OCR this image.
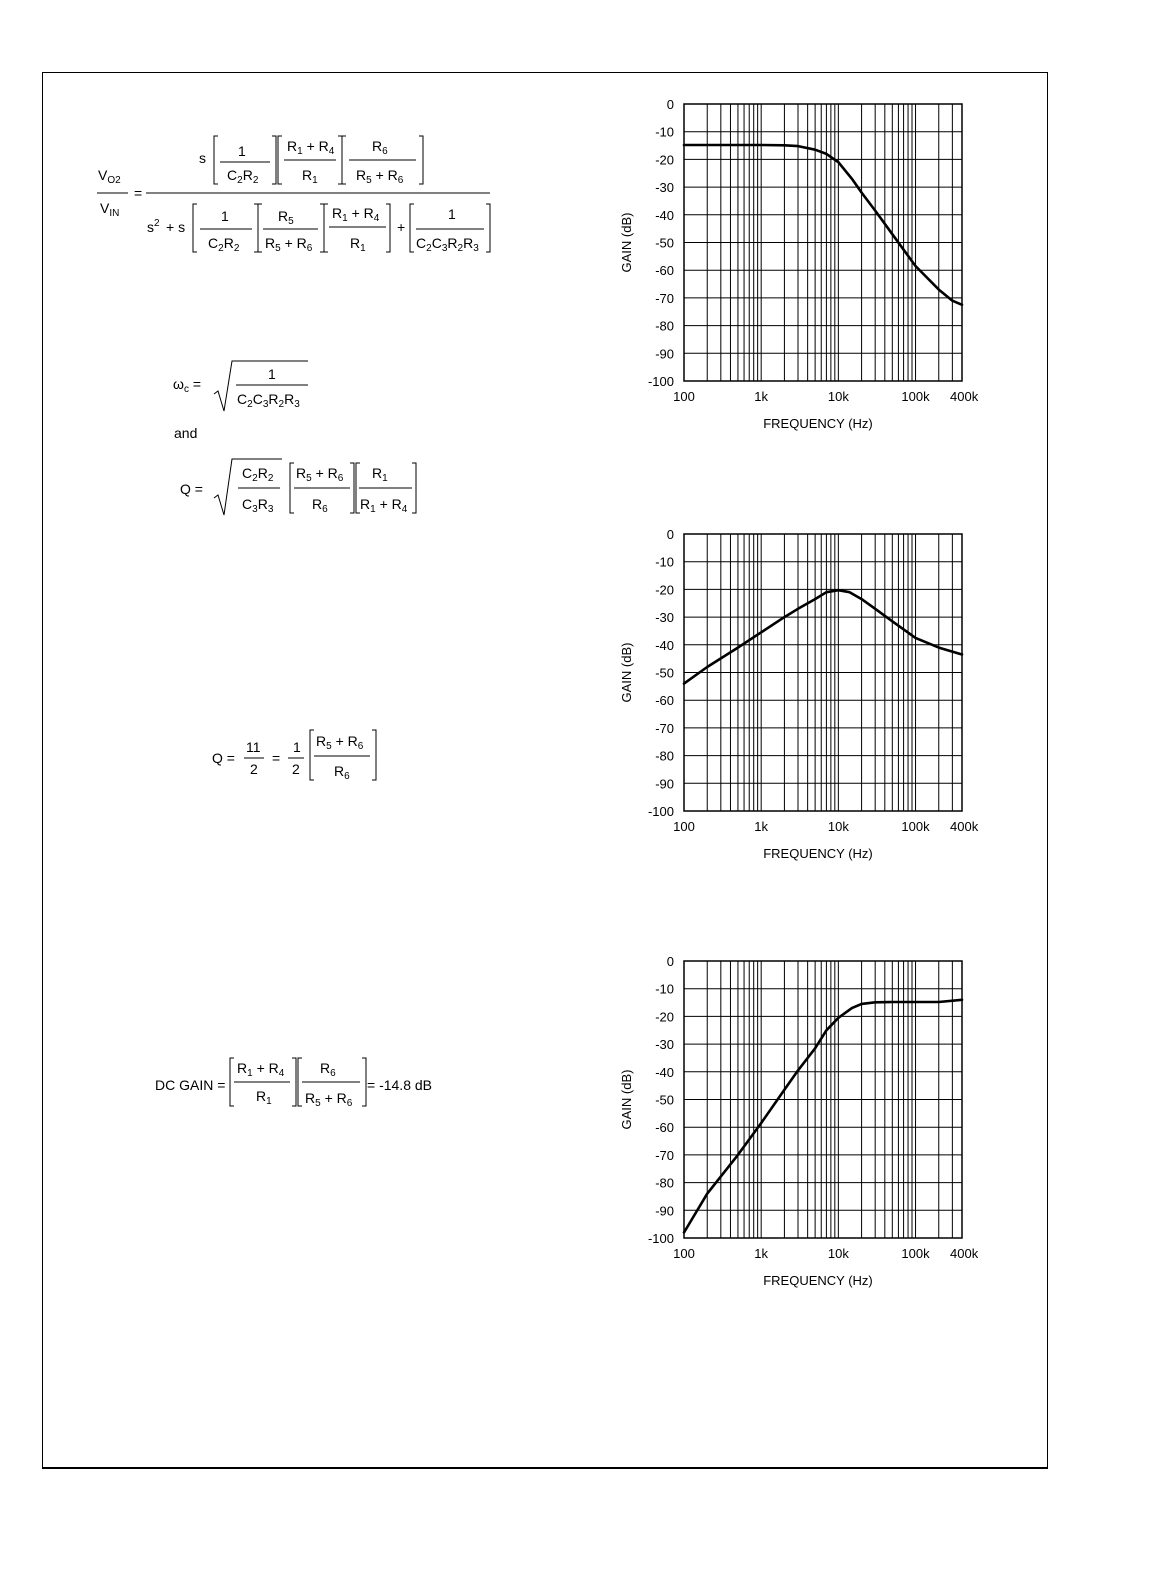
$V_{O2}$
$V_{IN}$
=
s 1
$C_2R_2$
$R_1 + R_4$
$R_1$
$R_6$
$R_5 + R_6$
$s^2 + s$
1
$C_2R_2$
$R_5$
$R_5 + R_6$
$R_1 + R_4$
$R_1$
+
1
$C_2C_3R_2R_3$
$\omega_c$ =
1
$C_2C_3R_2R_3$
and
Q =
$C_2R_2$
$C_3R_3$
$R_5 + R_6$
$R_6$
$R_1$
$R_1 + R_4$
Q =
11
2
=
1
2
$R_5 + R_6$
$R_6$
DC GAIN =
$R_1 + R_4$
$R_1$
$R_6$
$R_5 + R_6$
= -14.8 dB
0
-10
-20
-30
-40
-50
-60
-70
-80
-90
-100
100	1k	10k	100k 400k
FREQUENCY (Hz)
GAIN (dB)
0
-10
-20
-30
-40
-50
-60
-70
-80
-90
-100
100	1k	10k	100k 400k
FREQUENCY (Hz)
GAIN (dB)
0
-10
-20
-30
-40
-50
-60
-70
-80
-90
-100
100	1k	10k	100k 400k
FREQUENCY (Hz)
GAIN (dB)
